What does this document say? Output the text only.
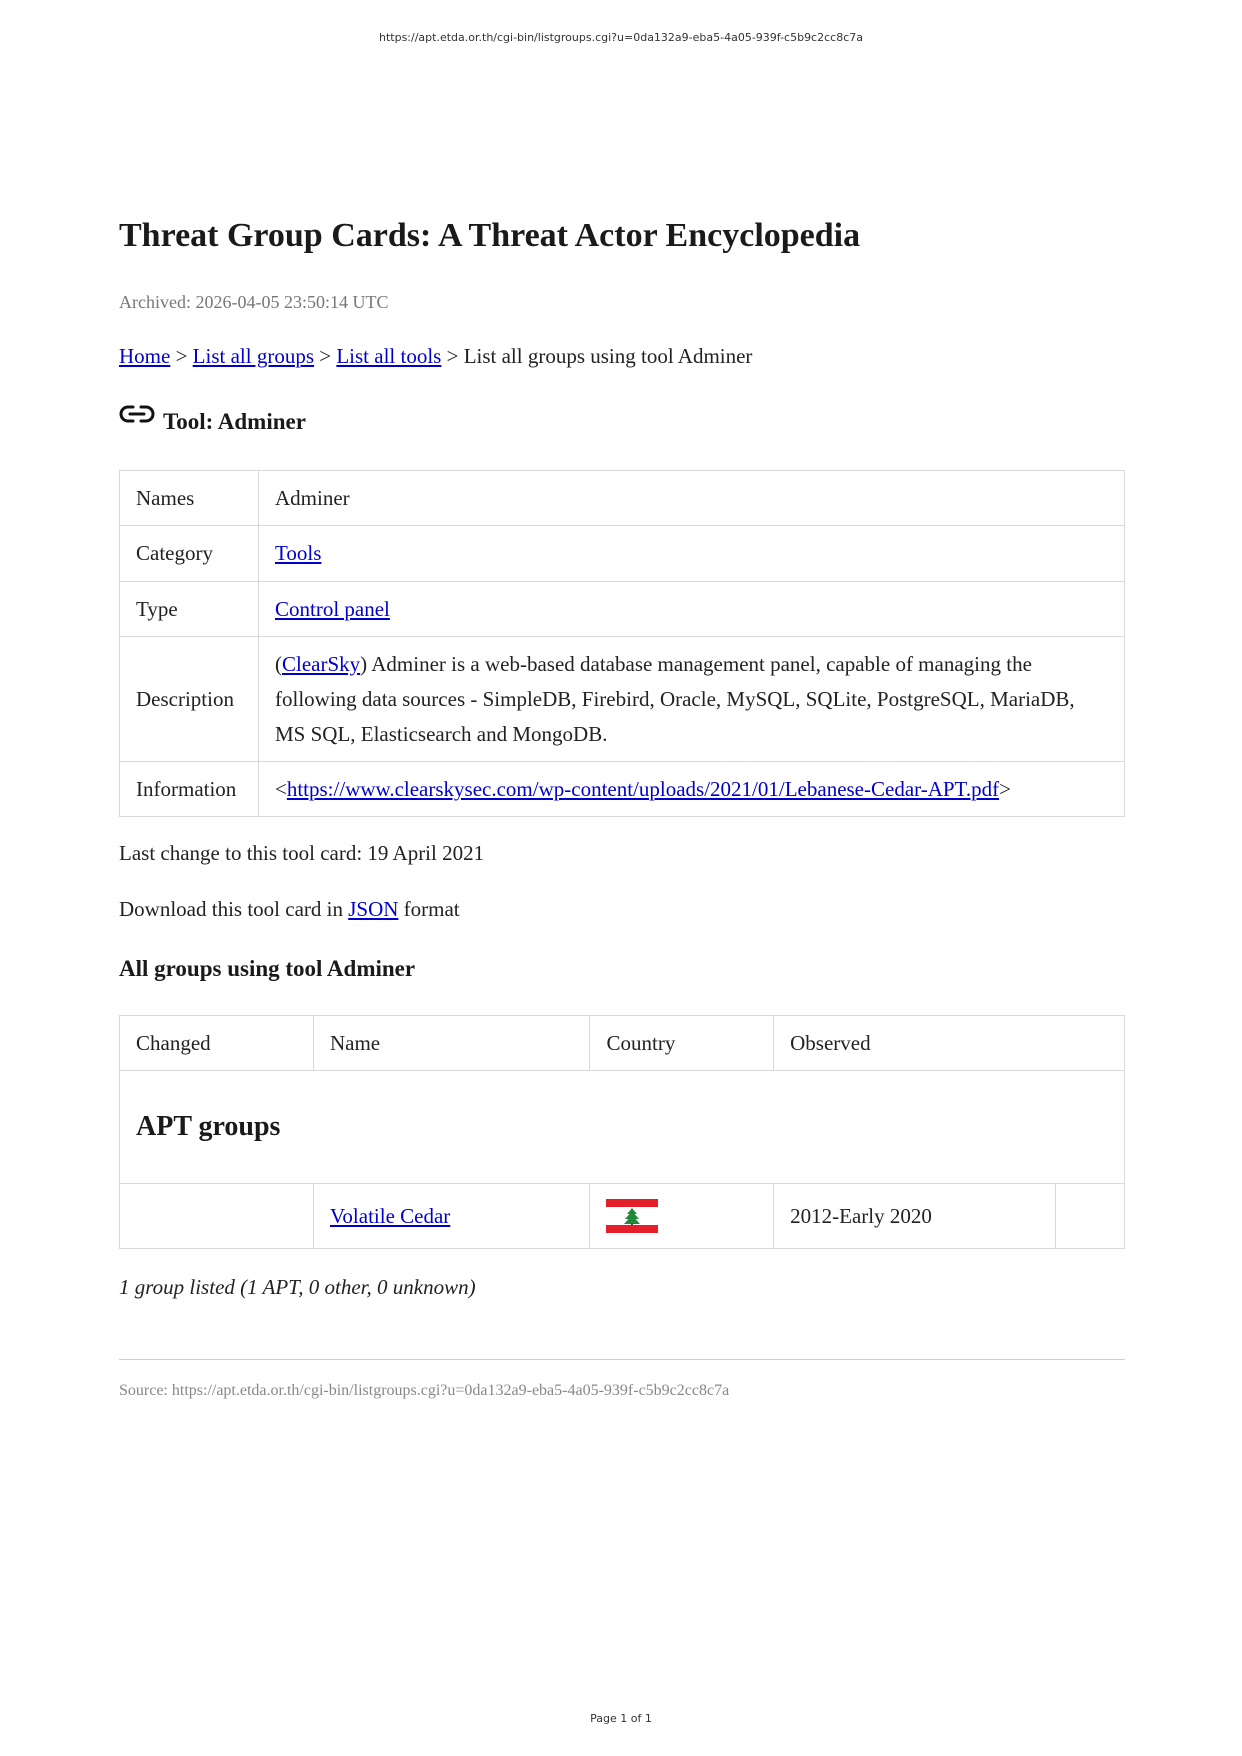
https://apt.etda.or.th/cgi-bin/listgroups.cgi?u=0da132a9-eba5-4a05-939f-c5b9c2cc8c7a
Threat Group Cards: A Threat Actor Encyclopedia
Archived: 2026-04-05 23:50:14 UTC
Home > List all groups > List all tools > List all groups using tool Adminer
Tool: Adminer
Names	Adminer
Category	Tools
Type	Control panel
Description	(ClearSky) Adminer is a web-based database management panel, capable of managing the following data sources - SimpleDB, Firebird, Oracle, MySQL, SQLite, PostgreSQL, MariaDB, MS SQL, Elasticsearch and MongoDB.
Information	<https://www.clearskysec.com/wp-content/uploads/2021/01/Lebanese-Cedar-APT.pdf>
Last change to this tool card: 19 April 2021
Download this tool card in JSON format
All groups using tool Adminer
Changed	Name	Country	Observed	
APT groups				
	Volatile Cedar		2012-Early 2020	
1 group listed (1 APT, 0 other, 0 unknown)
Source: https://apt.etda.or.th/cgi-bin/listgroups.cgi?u=0da132a9-eba5-4a05-939f-c5b9c2cc8c7a
Page 1 of 1
